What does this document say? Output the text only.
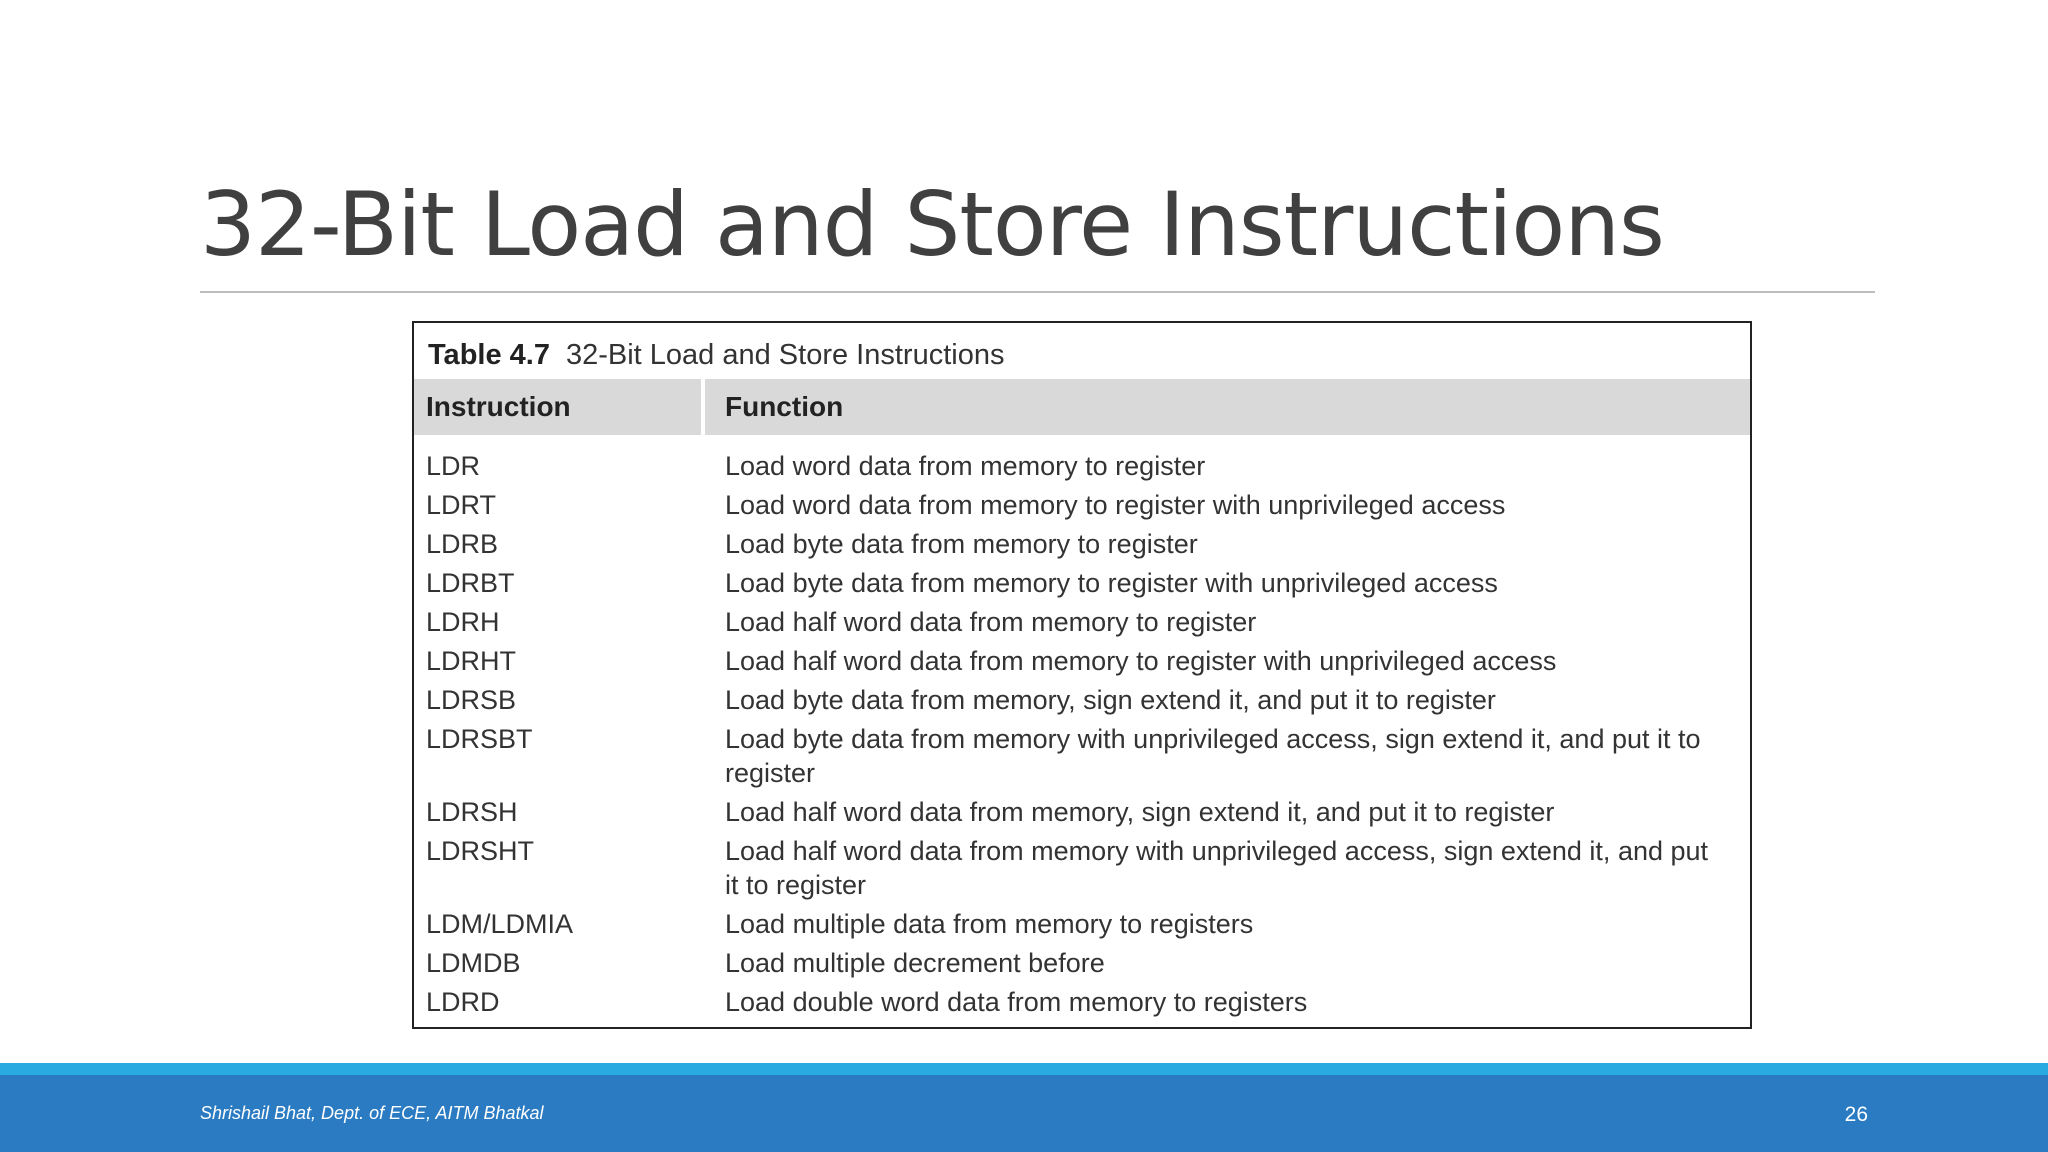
32-Bit Load and Store Instructions
Table 4.7 32-Bit Load and Store Instructions
Instruction	Function
LDR	Load word data from memory to register
LDRT	Load word data from memory to register with unprivileged access
LDRB	Load byte data from memory to register
LDRBT	Load byte data from memory to register with unprivileged access
LDRH	Load half word data from memory to register
LDRHT	Load half word data from memory to register with unprivileged access
LDRSB	Load byte data from memory, sign extend it, and put it to register
LDRSBT	Load byte data from memory with unprivileged access, sign extend it, and put it to register
LDRSH	Load half word data from memory, sign extend it, and put it to register
LDRSHT	Load half word data from memory with unprivileged access, sign extend it, and put it to register
LDM/LDMIA	Load multiple data from memory to registers
LDMDB	Load multiple decrement before
LDRD	Load double word data from memory to registers
Shrishail Bhat, Dept. of ECE, AITM Bhatkal	26
